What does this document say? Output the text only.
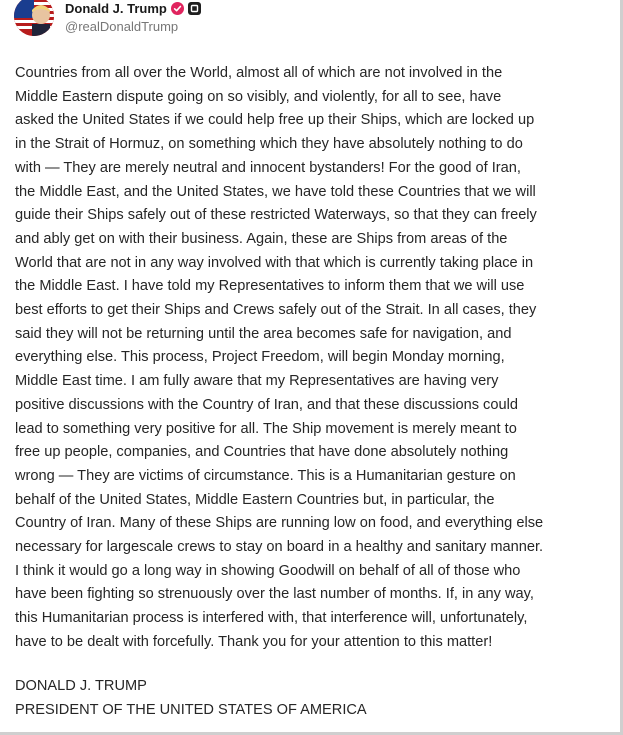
Donald J. Trump
@realDonaldTrump

Countries from all over the World, almost all of which are not involved in the
Middle Eastern dispute going on so visibly, and violently, for all to see, have
asked the United States if we could help free up their Ships, which are locked up
in the Strait of Hormuz, on something which they have absolutely nothing to do
with — They are merely neutral and innocent bystanders! For the good of Iran,
the Middle East, and the United States, we have told these Countries that we will
guide their Ships safely out of these restricted Waterways, so that they can freely
and ably get on with their business. Again, these are Ships from areas of the
World that are not in any way involved with that which is currently taking place in
the Middle East. I have told my Representatives to inform them that we will use
best efforts to get their Ships and Crews safely out of the Strait. In all cases, they
said they will not be returning until the area becomes safe for navigation, and
everything else. This process, Project Freedom, will begin Monday morning,
Middle East time. I am fully aware that my Representatives are having very
positive discussions with the Country of Iran, and that these discussions could
lead to something very positive for all. The Ship movement is merely meant to
free up people, companies, and Countries that have done absolutely nothing
wrong — They are victims of circumstance. This is a Humanitarian gesture on
behalf of the United States, Middle Eastern Countries but, in particular, the
Country of Iran. Many of these Ships are running low on food, and everything else
necessary for largescale crews to stay on board in a healthy and sanitary manner.
I think it would go a long way in showing Goodwill on behalf of all of those who
have been fighting so strenuously over the last number of months. If, in any way,
this Humanitarian process is interfered with, that interference will, unfortunately,
have to be dealt with forcefully. Thank you for your attention to this matter!

DONALD J. TRUMP
PRESIDENT OF THE UNITED STATES OF AMERICA
